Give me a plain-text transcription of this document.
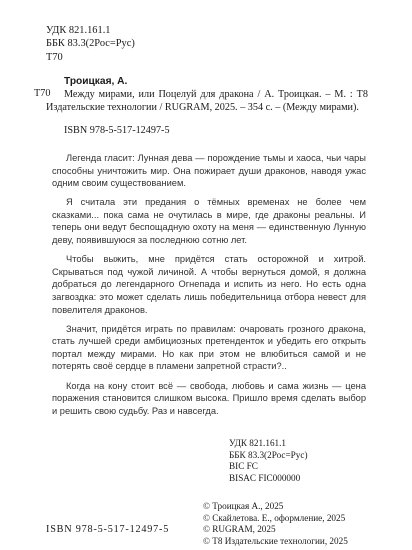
УДК 821.161.1
ББК 83.3(2Рос=Рус)
Т70
Т70
Троицкая, А.
Между мирами, или Поцелуй для дракона / А. Троицкая. – М. : Т8 Издательские технологии / RUGRAM, 2025. – 354 с. – (Между мирами).
ISBN 978-5-517-12497-5

Легенда гласит: Лунная дева — порождение тьмы и хаоса, чьи чары способны уничтожить мир. Она пожирает души драконов, наводя ужас одним своим существованием.

Я считала эти предания о тёмных временах не более чем сказками... пока сама не очутилась в мире, где драконы реальны. И теперь они ведут беспощадную охоту на меня — единственную Лунную деву, появившуюся за последнюю сотню лет.

Чтобы выжить, мне придётся стать осторожной и хитрой. Скрываться под чужой личиной. А чтобы вернуться домой, я должна добраться до легендарного Огнепада и испить из него. Но есть одна загвоздка: это может сделать лишь победительница отбора невест для повелителя драконов.

Значит, придётся играть по правилам: очаровать грозного дракона, стать лучшей среди амбициозных претенденток и убедить его открыть портал между мирами. Но как при этом не влюбиться самой и не потерять своё сердце в пламени запретной страсти?..

Когда на кону стоит всё — свобода, любовь и сама жизнь — цена поражения становится слишком высока. Пришло время сделать выбор и решить свою судьбу. Раз и навсегда.

УДК 821.161.1
ББК 83.3(2Рос=Рус)
BIC FC
BISAC FIC000000
ISBN 978-5-517-12497-5
© Троицкая А., 2025
© Скайлетова. Е., оформление, 2025
© RUGRAM, 2025
© Т8 Издательские технологии, 2025
